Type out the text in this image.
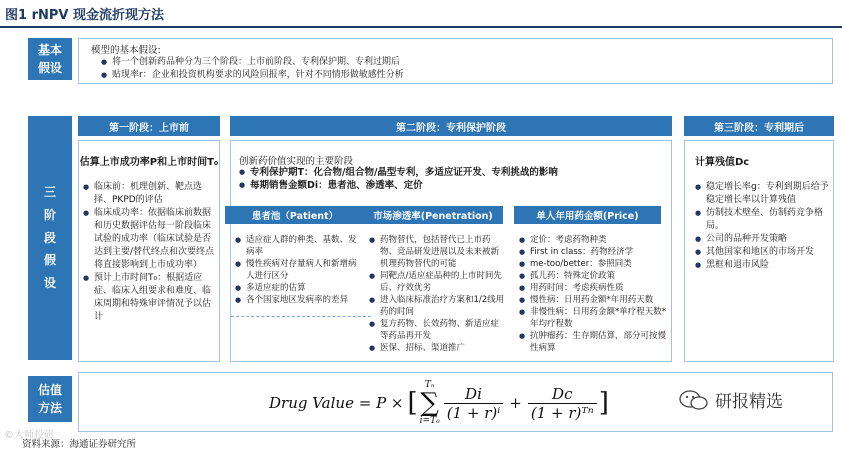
图1 rNPV 现金流折现方法
基本
假设
模型的基本假设:
● 将一个创新药品种分为三个阶段：上市前阶段、专利保护期、专利过期后
● 贴现率r：企业和投资机构要求的风险回报率，针对不同情形做敏感性分析
三
阶
段
假
设
第一阶段：上市前	第二阶段：专利保护阶段	第三阶段：专利期后
估算上市成功率P和上市时间T₀
● 临床前：机理创新、靶点选择、PKPD的评估
● 临床成功率：依据临床前数据和历史数据评估每一阶段临床试验的成功率（临床试验是否达到主要/替代终点和次要终点将直接影响到上市成功率）
● 预计上市时间T₀：根据适应症、临床入组要求和难度、临床周期和特殊审评情况予以估计
创新药价值实现的主要阶段
● 专利保护期T：化合物/组合物/晶型专利，多适应证开发、专利挑战的影响
● 每期销售金额Di：患者池、渗透率、定价
患者池（Patient）	市场渗透率(Penetration)	单人年用药金额(Price)
● 适应症人群的种类、基数、发病率
● 慢性疾病对存量病人和新增病人进行区分
● 多适应症的估算
● 各个国家地区发病率的差异
● 药物替代，包括替代已上市药物、竞品研发进展以及未来被新机理药物替代的可能
● 同靶点/适应症品种的上市时间先后、疗效优劣
● 进入临床标准治疗方案和1/2线用药的时间
● 复方药物、长效药物、新适应症等药品再开发
● 医保、招标、渠道推广
● 定价：考虑药物种类
● First in class：药物经济学
● me-too/better：参照同类
● 孤儿药：特殊定价政策
● 用药时间：考虑疾病性质
● 慢性病：日用药金额*年用药天数
● 非慢性病：日用药金额*单疗程天数*年均疗程数
● 抗肿瘤药：生存期估算，部分可按慢性病算
计算残值Dc
● 稳定增长率g：专利到期后给予稳定增长率以计算残值
● 仿制技术壁垒、仿制药竞争格局。
● 公司的品种开发策略
● 其他国家和地区的市场开发
● 黑框和退市风险
估值
方法	Drug Value = P × [
Tₙ
∑
$i=T_0 \frac{Di}{\text{(1 + r)ⁱ}} + \frac{Dc}{\text{(1 + r)ᵀⁿ}}$ ]	研报精选
©大师投研
资料来源：海通证券研究所
